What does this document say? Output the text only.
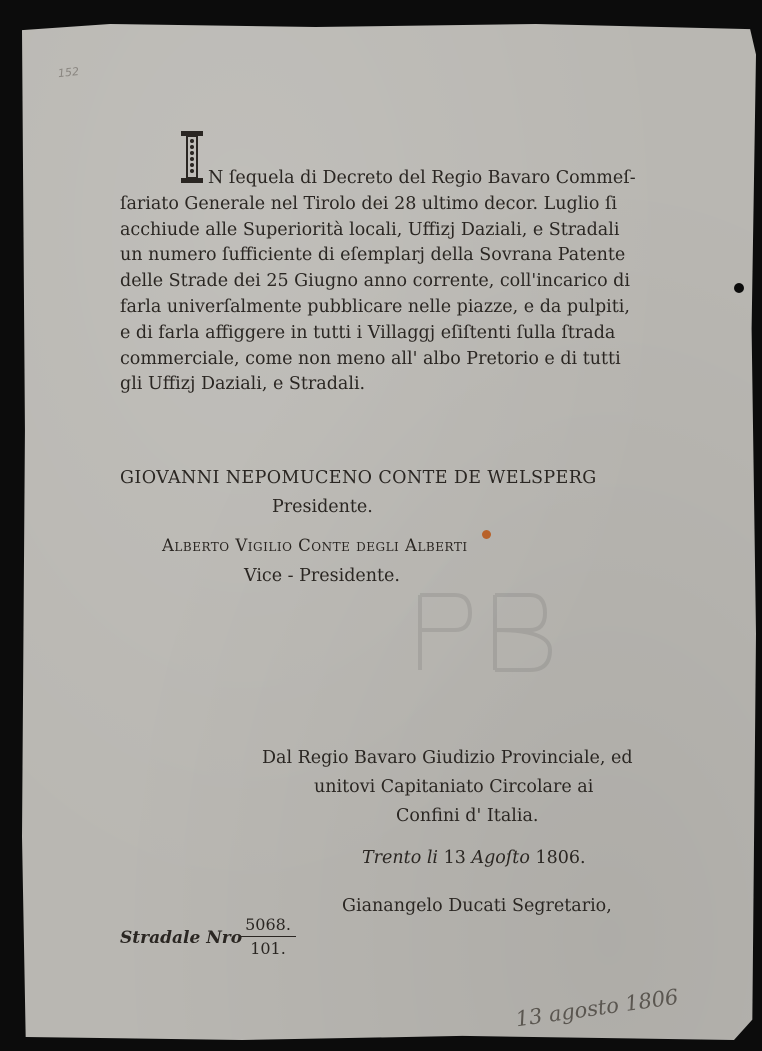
152
N ſequela di Decreto del Regio Bavaro Commeſ-
ſariato Generale nel Tirolo dei 28 ultimo decor. Luglio ſi
acchiude alle Superiorità locali, Uffizj Daziali, e Stradali
un numero ſufficiente di eſemplarj della Sovrana Patente
delle Strade dei 25 Giugno anno corrente, coll'incarico di
farla univerſalmente pubblicare nelle piazze, e da pulpiti,
e di farla affiggere in tutti i Villaggj eſiſtenti ſulla ſtrada
commerciale, come non meno all' albo Pretorio e di tutti
gli Uffizj Daziali, e Stradali.
GIOVANNI NEPOMUCENO CONTE DE WELSPERG
Presidente.
Alberto Vigilio Conte degli Alberti
Vice - Presidente.
Dal Regio Bavaro Giudizio Provinciale, ed
unitovi Capitaniato Circolare ai
Confini d' Italia.
Trento li 13 Agoſto 1806.
Gianangelo Ducati Segretario,
Stradale Nro
$\frac{5068.}{101.}$
13 agosto 1806
